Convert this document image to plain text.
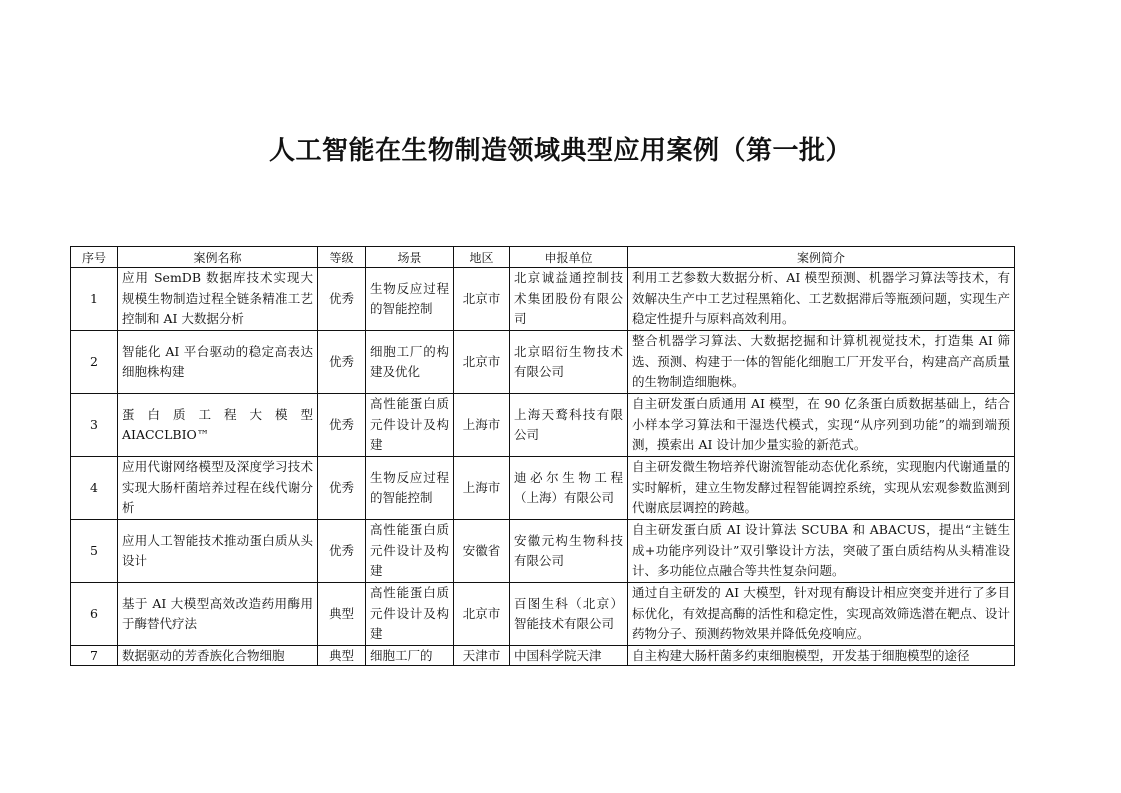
人工智能在生物制造领域典型应用案例（第一批）
序号	案例名称	等级	场景	地区	申报单位	案例简介
1	应用 SemDB 数据库技术实现大规模生物制造过程全链条精准工艺控制和 AI 大数据分析	优秀	生物反应过程的智能控制	北京市	北京诚益通控制技术集团股份有限公司	利用工艺参数大数据分析、AI 模型预测、机器学习算法等技术，有效解决生产中工艺过程黑箱化、工艺数据滞后等瓶颈问题，实现生产稳定性提升与原料高效利用。
2	智能化 AI 平台驱动的稳定高表达细胞株构建	优秀	细胞工厂的构建及优化	北京市	北京昭衍生物技术有限公司	整合机器学习算法、大数据挖掘和计算机视觉技术，打造集 AI 筛选、预测、构建于一体的智能化细胞工厂开发平台，构建高产高质量的生物制造细胞株。
3	蛋白质工程大模型 AIACCLBIO™	优秀	高性能蛋白质元件设计及构建	上海市	上海天鹜科技有限公司	自主研发蛋白质通用 AI 模型，在 90 亿条蛋白质数据基础上，结合小样本学习算法和干湿迭代模式，实现“从序列到功能”的端到端预测，摸索出 AI 设计加少量实验的新范式。
4	应用代谢网络模型及深度学习技术实现大肠杆菌培养过程在线代谢分析	优秀	生物反应过程的智能控制	上海市	迪必尔生物工程（上海）有限公司	自主研发微生物培养代谢流智能动态优化系统，实现胞内代谢通量的实时解析，建立生物发酵过程智能调控系统，实现从宏观参数监测到代谢底层调控的跨越。
5	应用人工智能技术推动蛋白质从头设计	优秀	高性能蛋白质元件设计及构建	安徽省	安徽元构生物科技有限公司	自主研发蛋白质 AI 设计算法 SCUBA 和 ABACUS，提出“主链生成+功能序列设计”双引擎设计方法，突破了蛋白质结构从头精准设计、多功能位点融合等共性复杂问题。
6	基于 AI 大模型高效改造药用酶用于酶替代疗法	典型	高性能蛋白质元件设计及构建	北京市	百图生科（北京）智能技术有限公司	通过自主研发的 AI 大模型，针对现有酶设计相应突变并进行了多目标优化，有效提高酶的活性和稳定性，实现高效筛选潜在靶点、设计药物分子、预测药物效果并降低免疫响应。
7	数据驱动的芳香族化合物细胞	典型	细胞工厂的	天津市	中国科学院天津	自主构建大肠杆菌多约束细胞模型，开发基于细胞模型的途径
